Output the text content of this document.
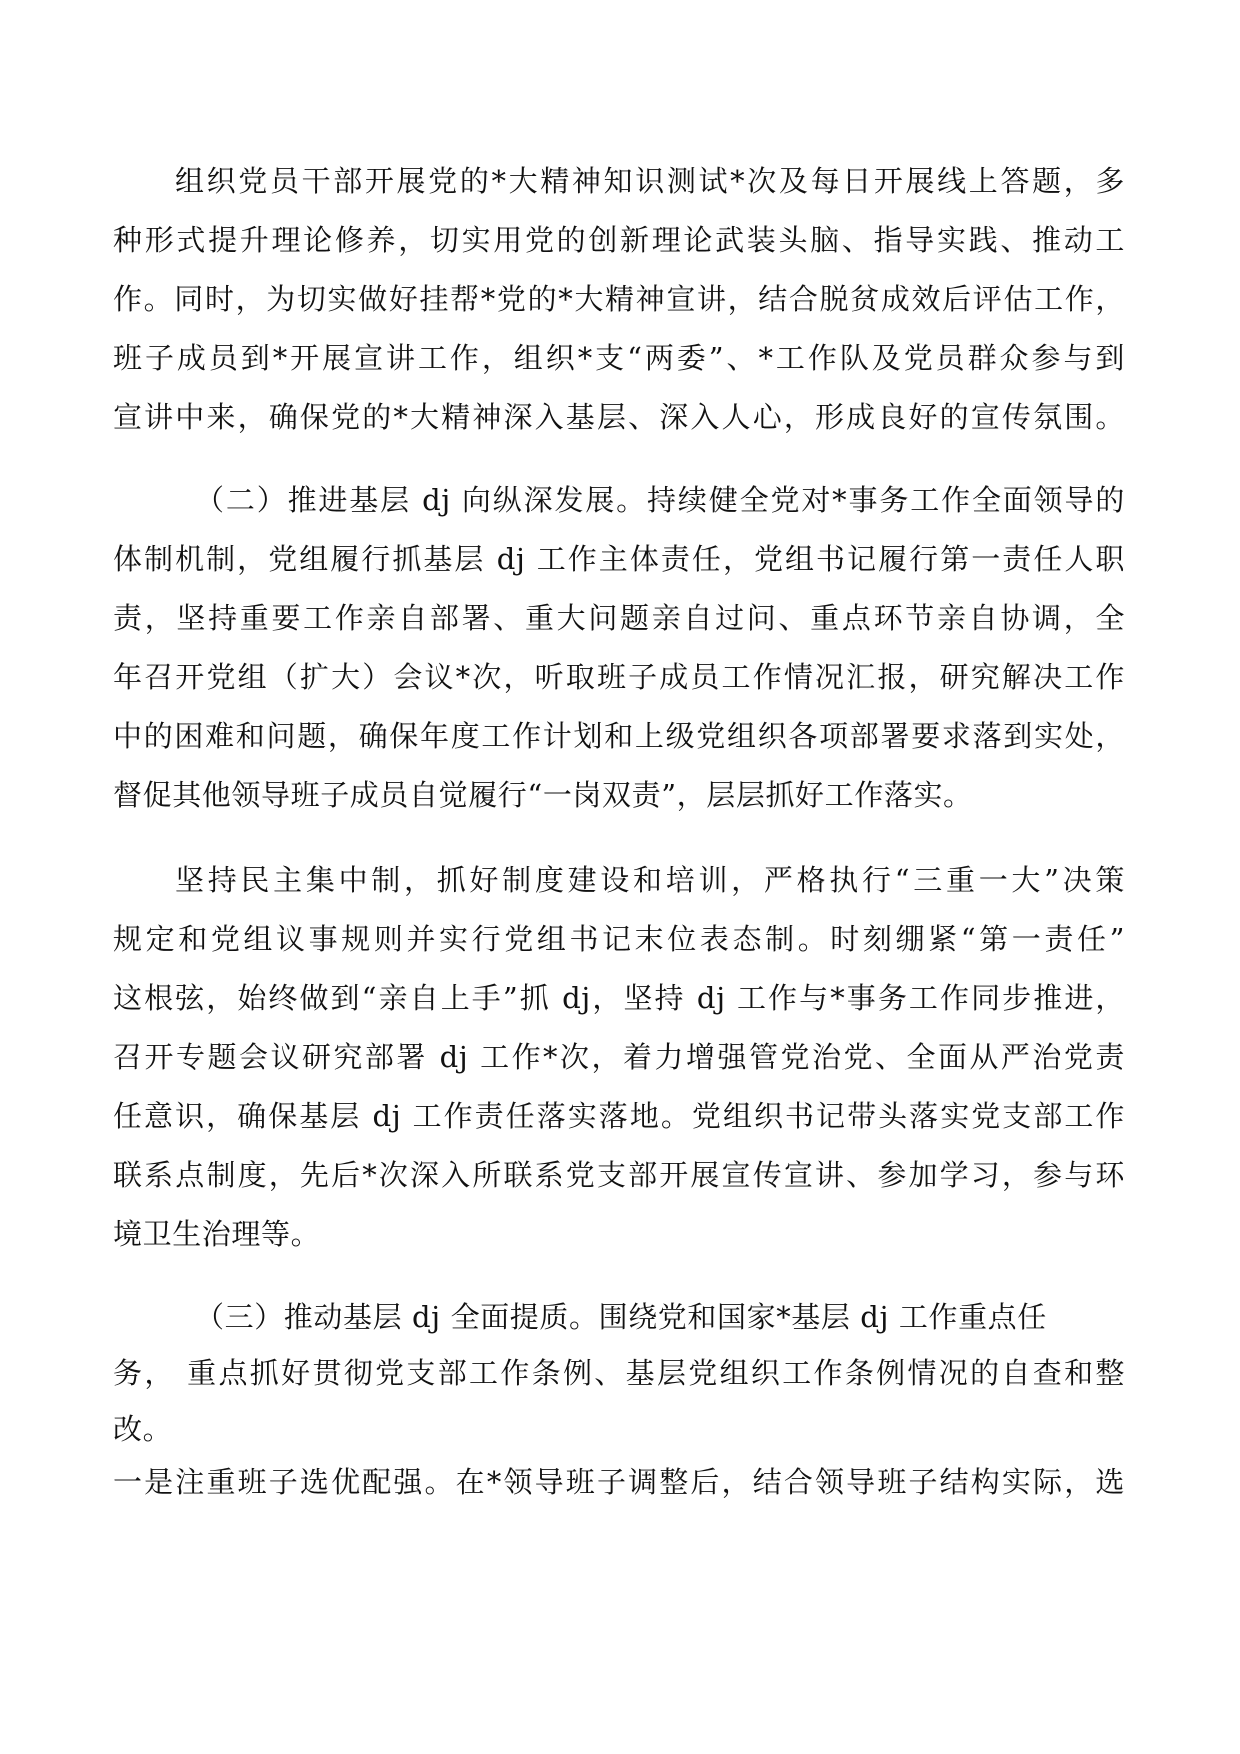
组织党员干部开展党的*大精神知识测试*次及每日开展线上答题，多
种形式提升理论修养，切实用党的创新理论武装头脑、指导实践、推动工
作。同时，为切实做好挂帮*党的*大精神宣讲，结合脱贫成效后评估工作，
班子成员到*开展宣讲工作，组织*支“两委”、*工作队及党员群众参与到
宣讲中来，确保党的*大精神深入基层、深入人心，形成良好的宣传氛围。
（二）推进基层 dj 向纵深发展。持续健全党对*事务工作全面领导的
体制机制，党组履行抓基层 dj 工作主体责任，党组书记履行第一责任人职
责，坚持重要工作亲自部署、重大问题亲自过问、重点环节亲自协调，全
年召开党组（扩大）会议*次，听取班子成员工作情况汇报，研究解决工作
中的困难和问题，确保年度工作计划和上级党组织各项部署要求落到实处，
督促其他领导班子成员自觉履行“一岗双责”，层层抓好工作落实。
坚持民主集中制，抓好制度建设和培训，严格执行“三重一大”决策
规定和党组议事规则并实行党组书记末位表态制。时刻绷紧“第一责任”
这根弦，始终做到“亲自上手”抓 dj，坚持 dj 工作与*事务工作同步推进，
召开专题会议研究部署 dj 工作*次，着力增强管党治党、全面从严治党责
任意识，确保基层 dj 工作责任落实落地。党组织书记带头落实党支部工作
联系点制度，先后*次深入所联系党支部开展宣传宣讲、参加学习，参与环
境卫生治理等。
（三）推动基层 dj 全面提质。围绕党和国家*基层 dj 工作重点任
务， 重点抓好贯彻党支部工作条例、基层党组织工作条例情况的自查和整
改。
一是注重班子选优配强。在*领导班子调整后，结合领导班子结构实际，选
